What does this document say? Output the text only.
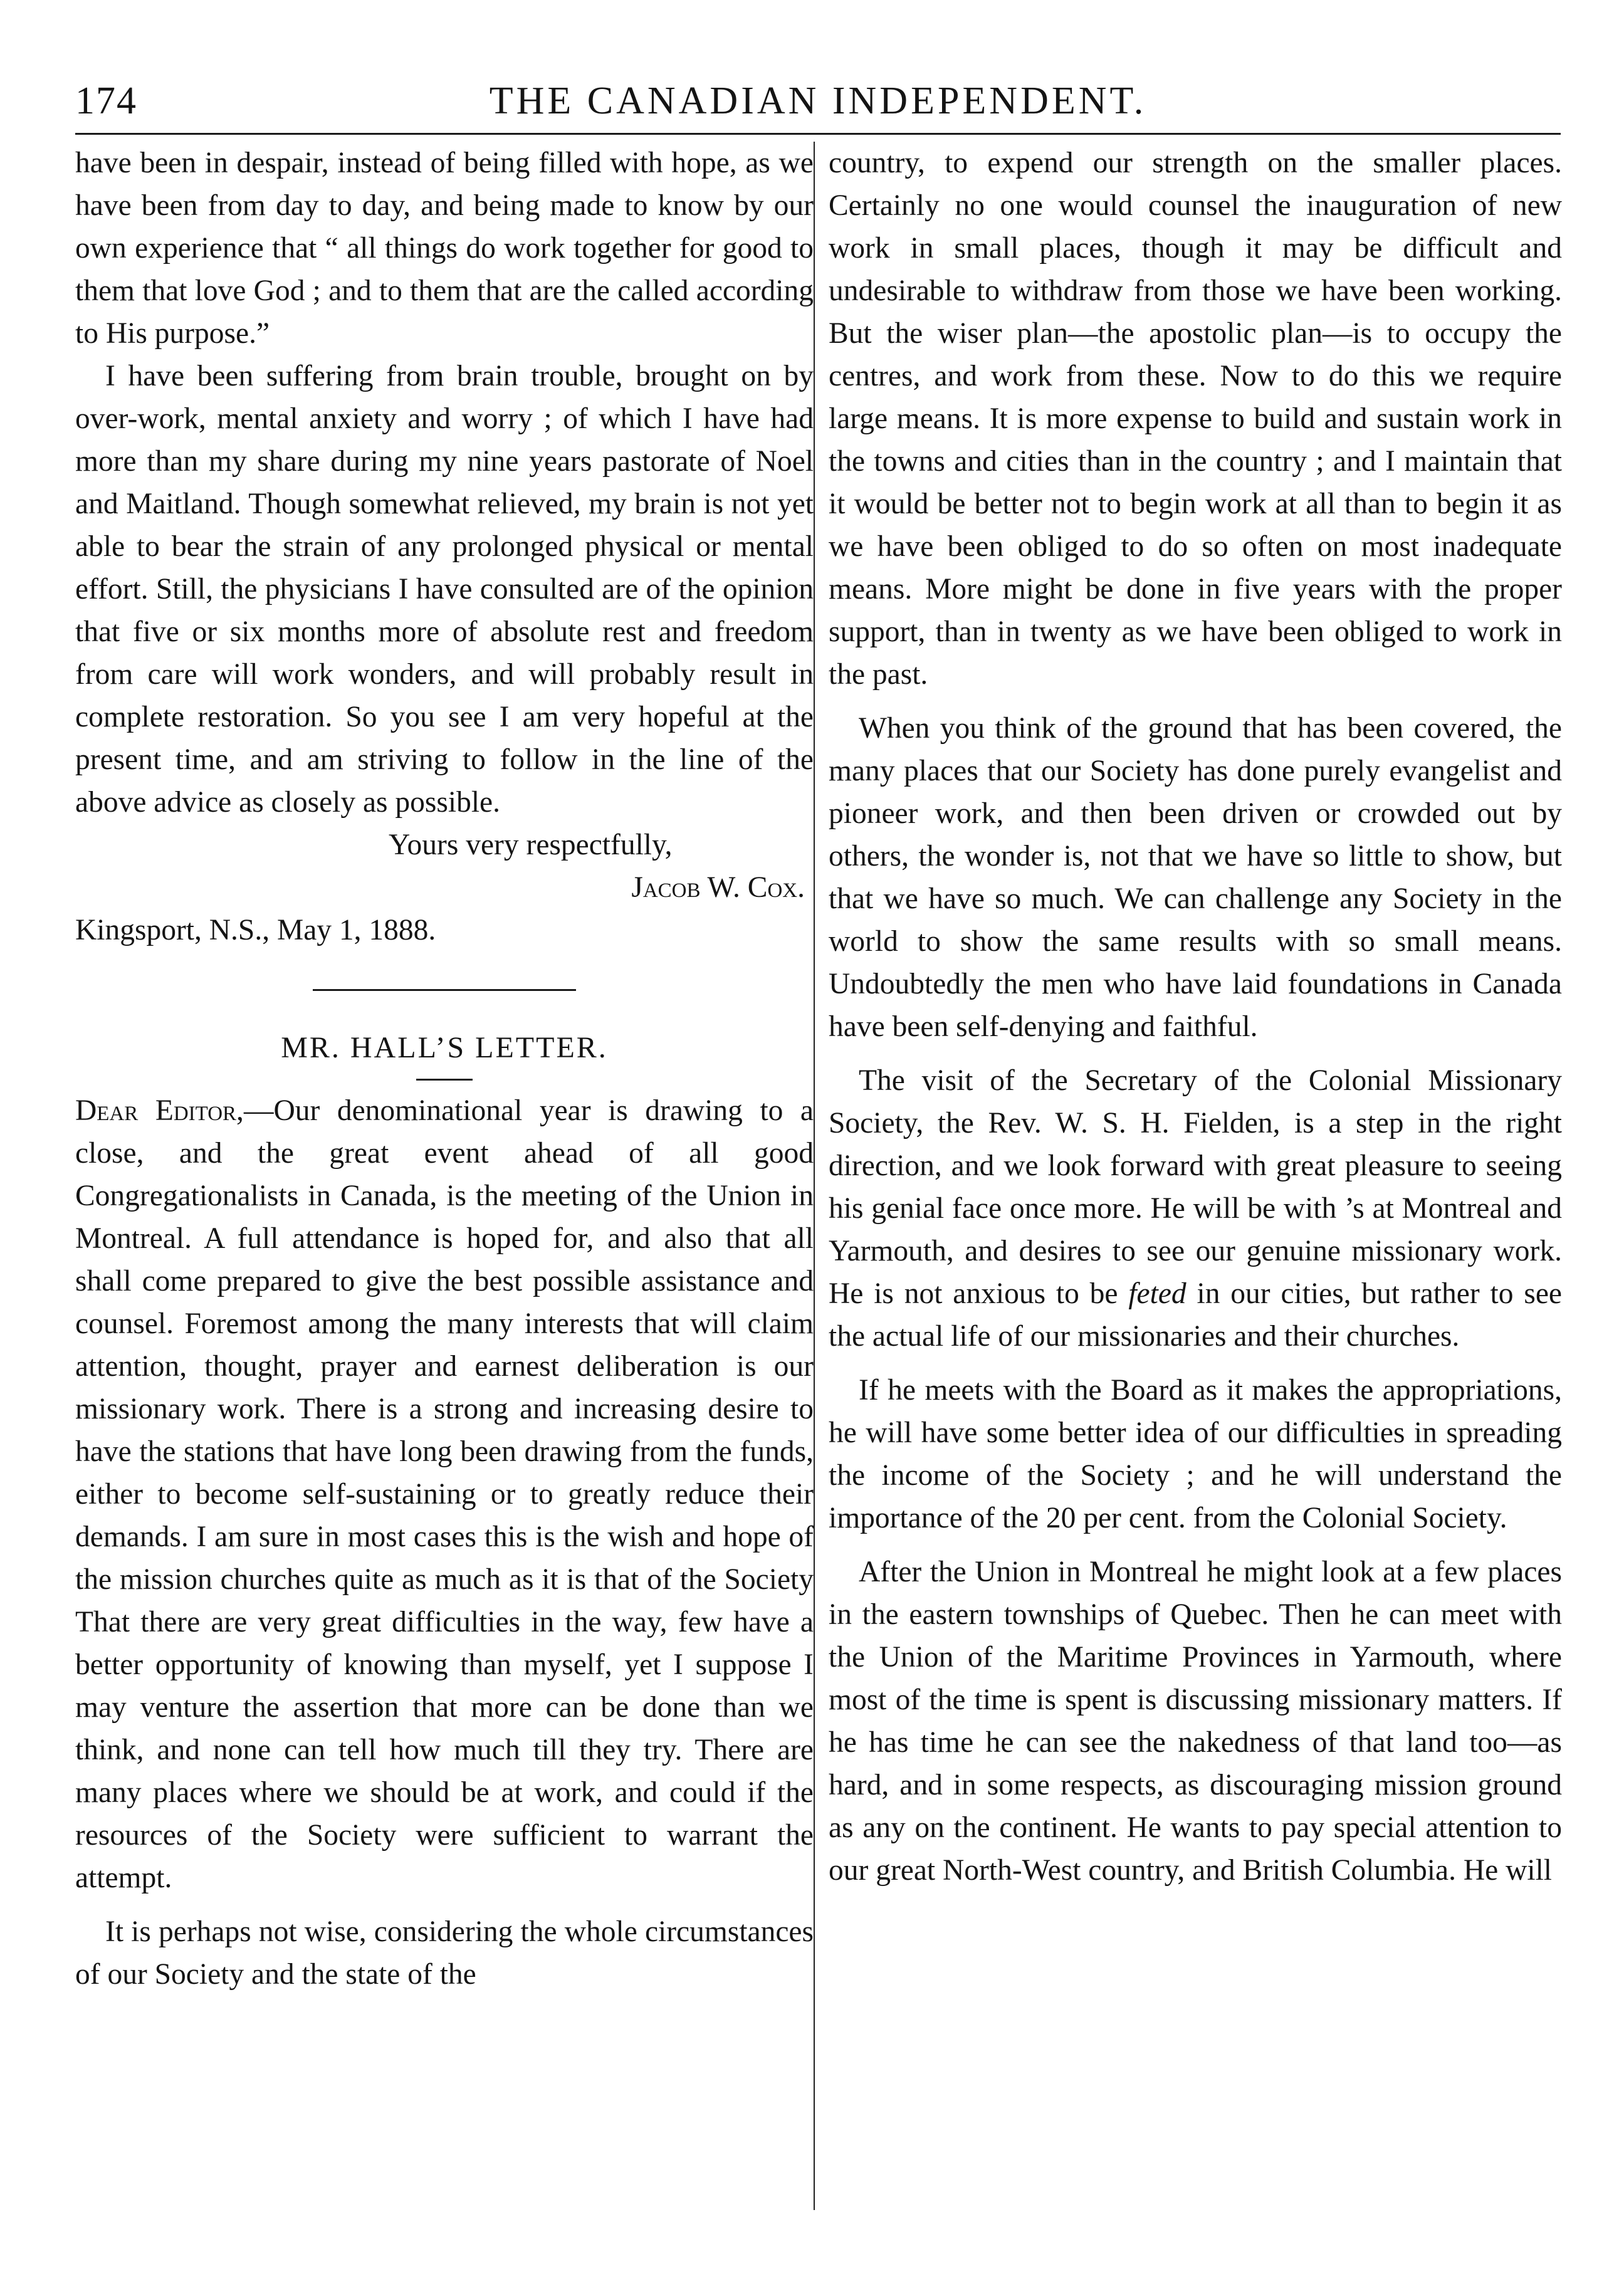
174	THE CANADIAN INDEPENDENT.

have been in despair, instead of being filled with hope, as we have been from day to day, and being made to know by our own experience that “ all things do work together for good to them that love God ; and to them that are the called according to His purpose.”

I have been suffering from brain trouble, brought on by over-work, mental anxiety and worry ; of which I have had more than my share during my nine years pastorate of Noel and Maitland. Though somewhat relieved, my brain is not yet able to bear the strain of any prolonged physical or mental effort. Still, the physicians I have consulted are of the opinion that five or six months more of absolute rest and freedom from care will work wonders, and will probably result in complete restoration. So you see I am very hopeful at the present time, and am striving to follow in the line of the above advice as closely as possible.

Yours very respectfully,
Jacob W. Cox.
Kingsport, N.S., May 1, 1888.
MR. HALL’S LETTER.

Dear Editor,—Our denominational year is drawing to a close, and the great event ahead of all good Congregationalists in Canada, is the meeting of the Union in Montreal. A full attendance is hoped for, and also that all shall come prepared to give the best possible assistance and counsel. Foremost among the many interests that will claim attention, thought, prayer and earnest deliberation is our missionary work. There is a strong and increasing desire to have the stations that have long been drawing from the funds, either to become self-sustaining or to greatly reduce their demands. I am sure in most cases this is the wish and hope of the mission churches quite as much as it is that of the Society That there are very great difficulties in the way, few have a better opportunity of knowing than myself, yet I suppose I may venture the assertion that more can be done than we think, and none can tell how much till they try. There are many places where we should be at work, and could if the resources of the Society were sufficient to warrant the attempt.

It is perhaps not wise, considering the whole circumstances of our Society and the state of the

country, to expend our strength on the smaller places. Certainly no one would counsel the inauguration of new work in small places, though it may be difficult and undesirable to withdraw from those we have been working. But the wiser plan—the apostolic plan—is to occupy the centres, and work from these. Now to do this we require large means. It is more expense to build and sustain work in the towns and cities than in the country ; and I maintain that it would be better not to begin work at all than to begin it as we have been obliged to do so often on most inadequate means. More might be done in five years with the proper support, than in twenty as we have been obliged to work in the past.

When you think of the ground that has been covered, the many places that our Society has done purely evangelist and pioneer work, and then been driven or crowded out by others, the wonder is, not that we have so little to show, but that we have so much. We can challenge any Society in the world to show the same results with so small means. Undoubtedly the men who have laid foundations in Canada have been self-denying and faithful.

The visit of the Secretary of the Colonial Missionary Society, the Rev. W. S. H. Fielden, is a step in the right direction, and we look forward with great pleasure to seeing his genial face once more. He will be with ’s at Montreal and Yarmouth, and desires to see our genuine missionary work. He is not anxious to be feted in our cities, but rather to see the actual life of our missionaries and their churches.

If he meets with the Board as it makes the appropriations, he will have some better idea of our difficulties in spreading the income of the Society ; and he will understand the importance of the 20 per cent. from the Colonial Society.

After the Union in Montreal he might look at a few places in the eastern townships of Quebec. Then he can meet with the Union of the Maritime Provinces in Yarmouth, where most of the time is spent is discussing missionary matters. If he has time he can see the nakedness of that land too—as hard, and in some respects, as discouraging mission ground as any on the continent. He wants to pay special attention to our great North-West country, and British Columbia. He will
